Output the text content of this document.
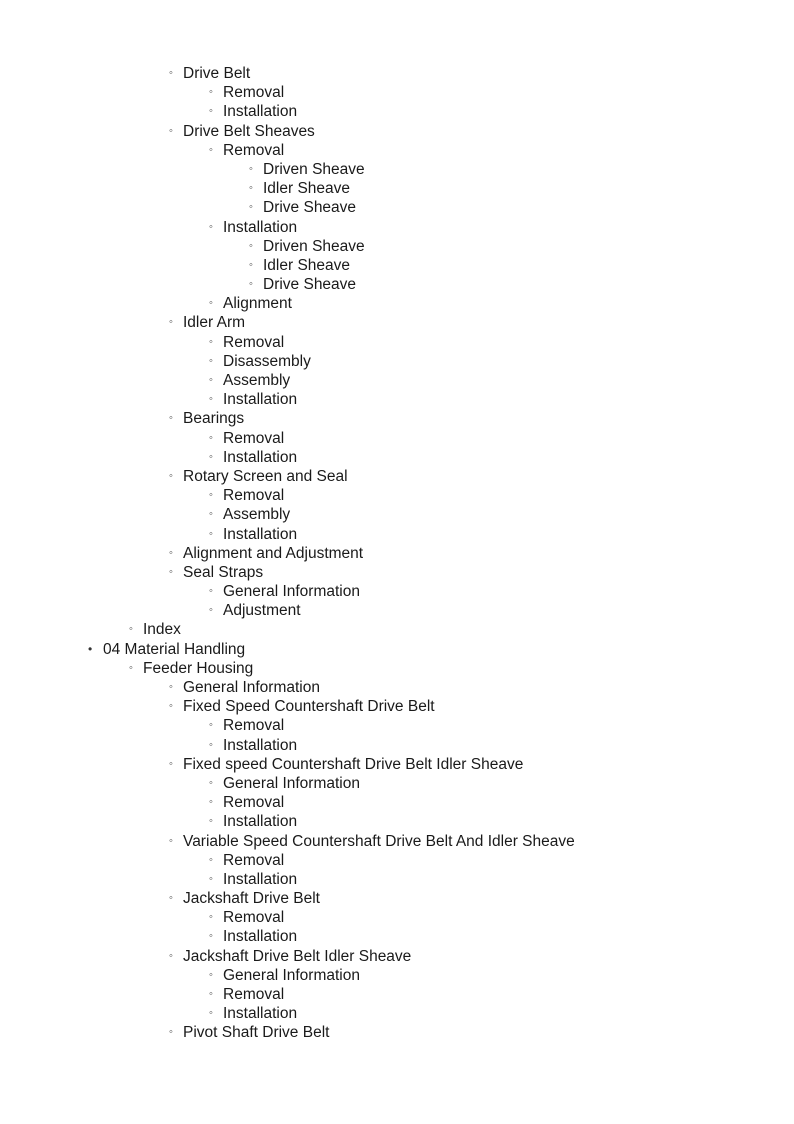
◦ Drive Belt
◦ Removal
◦ Installation
◦ Drive Belt Sheaves
◦ Removal
◦ Driven Sheave
◦ Idler Sheave
◦ Drive Sheave
◦ Installation
◦ Driven Sheave
◦ Idler Sheave
◦ Drive Sheave
◦ Alignment
◦ Idler Arm
◦ Removal
◦ Disassembly
◦ Assembly
◦ Installation
◦ Bearings
◦ Removal
◦ Installation
◦ Rotary Screen and Seal
◦ Removal
◦ Assembly
◦ Installation
◦ Alignment and Adjustment
◦ Seal Straps
◦ General Information
◦ Adjustment
◦ Index
• 04 Material Handling
◦ Feeder Housing
◦ General Information
◦ Fixed Speed Countershaft Drive Belt
◦ Removal
◦ Installation
◦ Fixed speed Countershaft Drive Belt Idler Sheave
◦ General Information
◦ Removal
◦ Installation
◦ Variable Speed Countershaft Drive Belt And Idler Sheave
◦ Removal
◦ Installation
◦ Jackshaft Drive Belt
◦ Removal
◦ Installation
◦ Jackshaft Drive Belt Idler Sheave
◦ General Information
◦ Removal
◦ Installation
◦ Pivot Shaft Drive Belt
